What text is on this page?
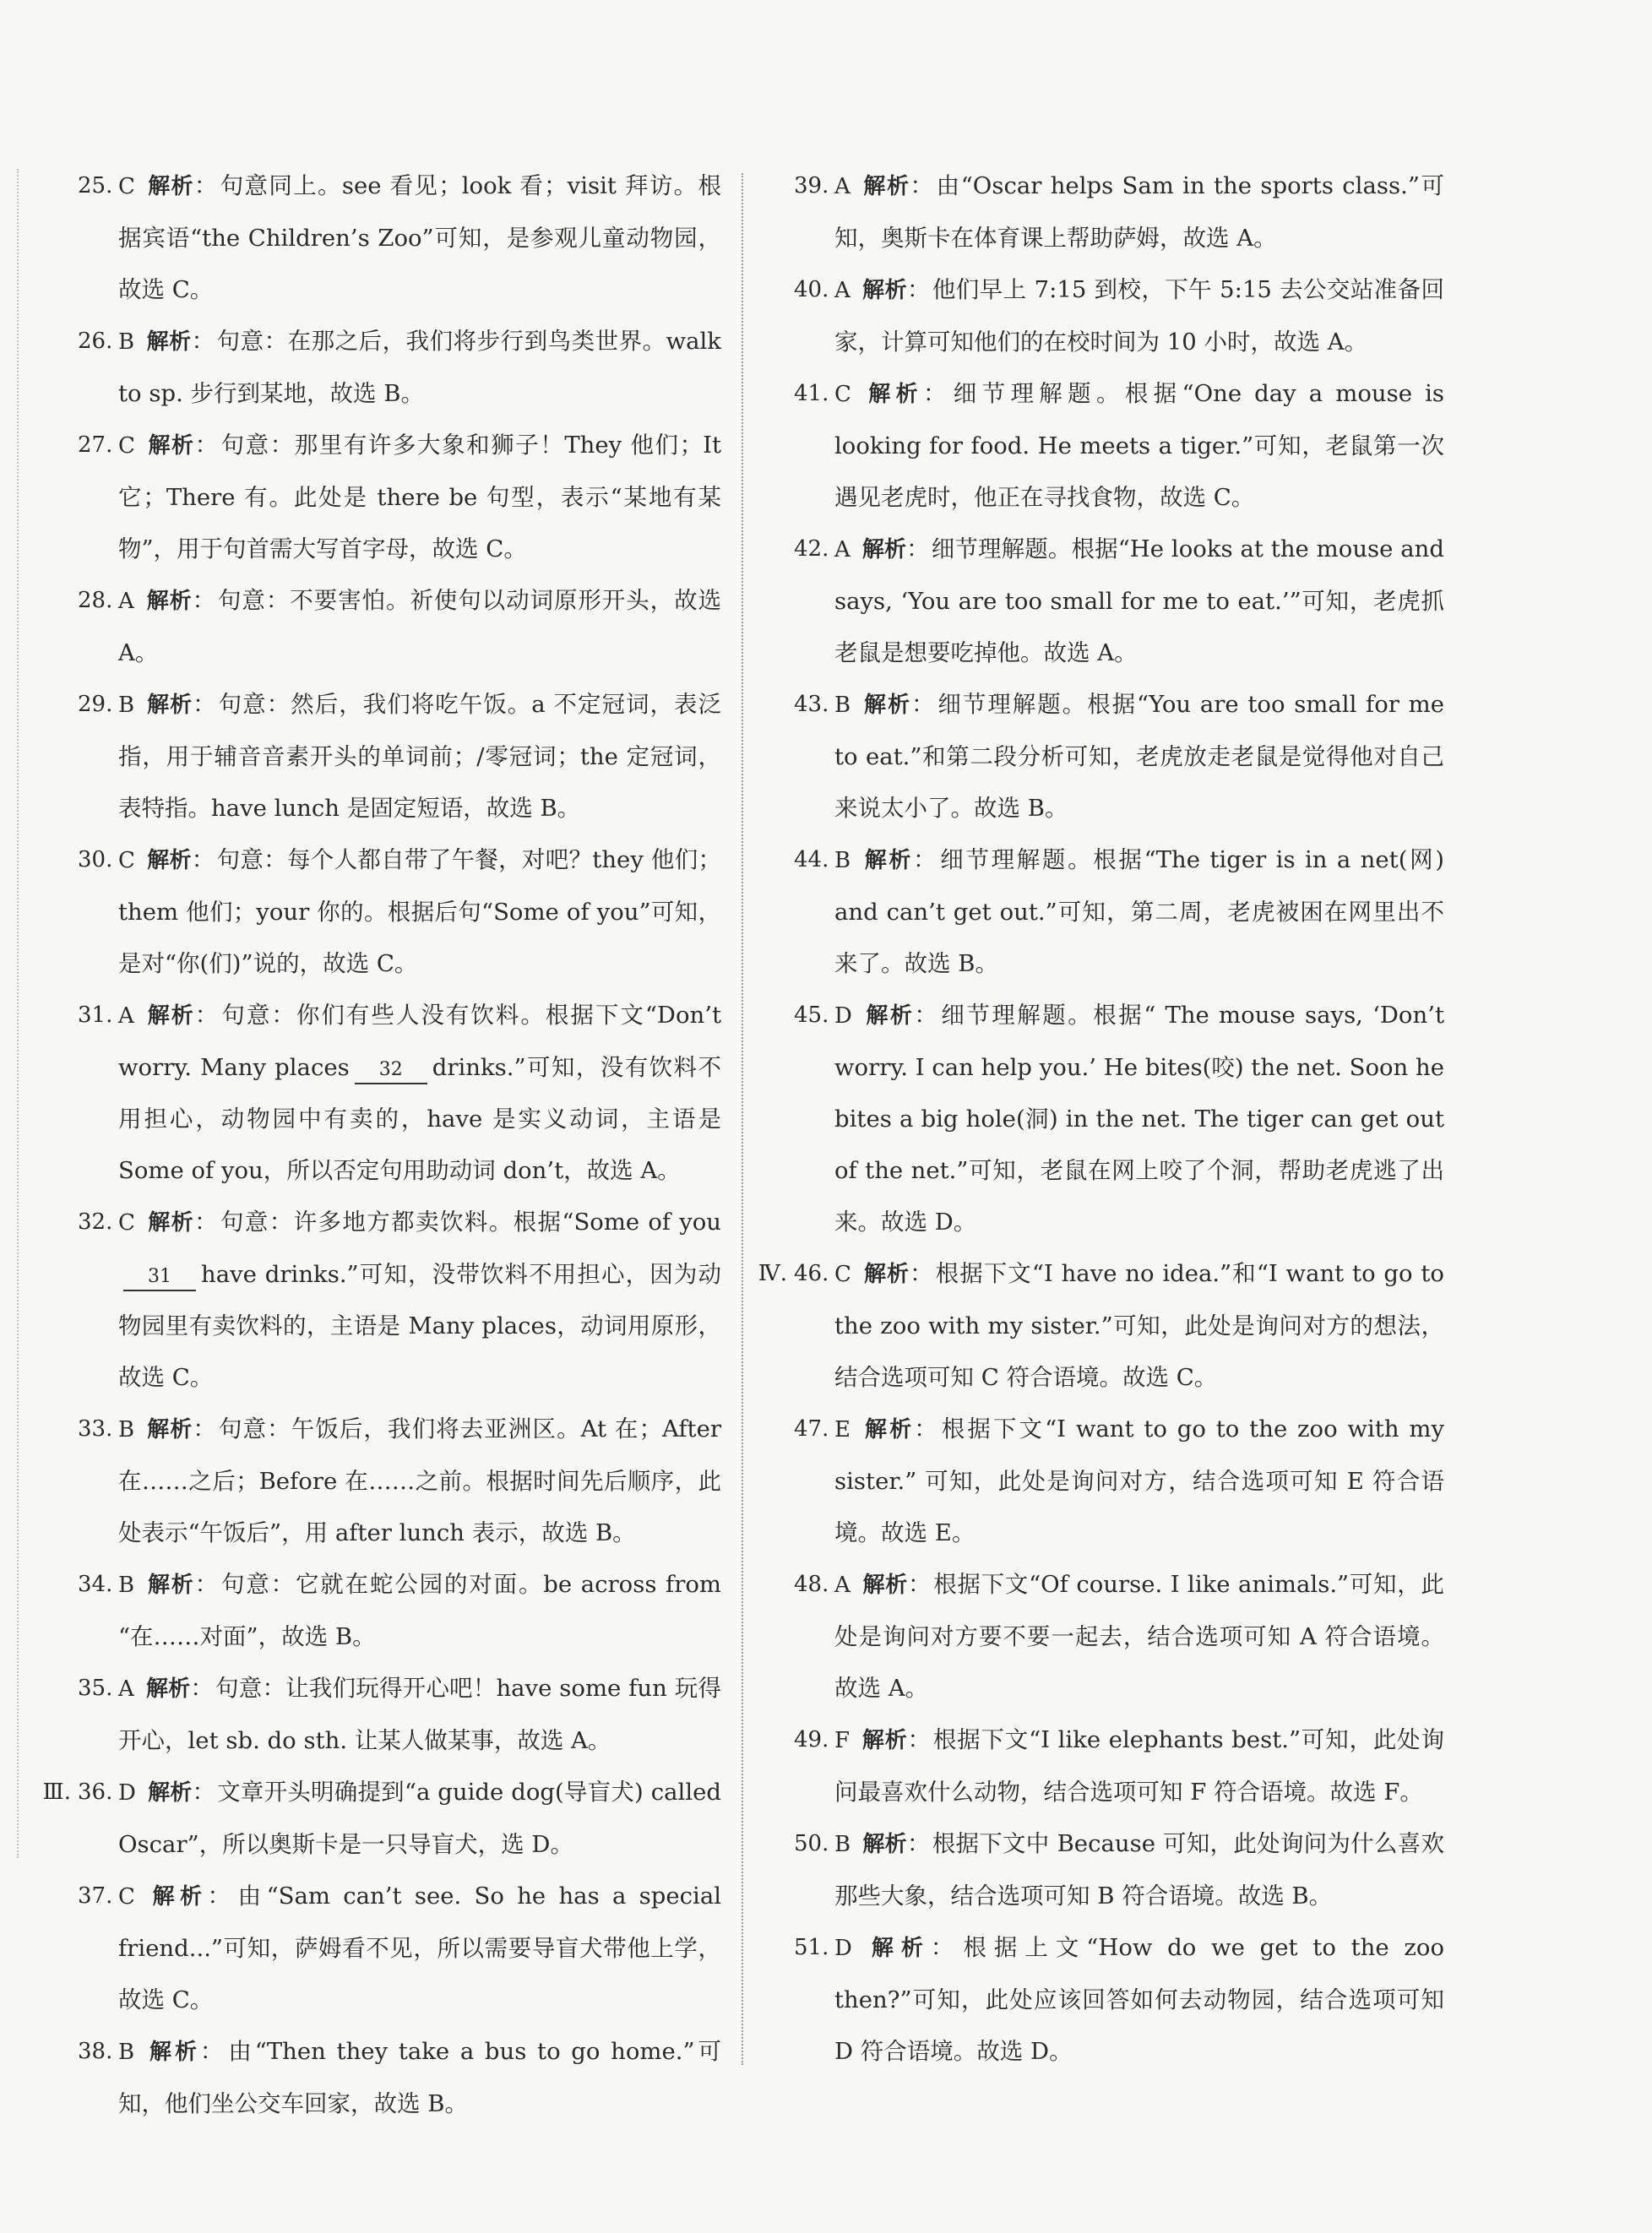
25. C 解析：句意同上。see 看见；look 看；visit 拜访。根据宾语“the Children’s Zoo”可知，是参观儿童动物园，故选 C。
26. B 解析：句意：在那之后，我们将步行到鸟类世界。walk to sp. 步行到某地，故选 B。
27. C 解析：句意：那里有许多大象和狮子！They 他们；It 它；There 有。此处是 there be 句型，表示“某地有某物”，用于句首需大写首字母，故选 C。
28. A 解析：句意：不要害怕。祈使句以动词原形开头，故选 A。
29. B 解析：句意：然后，我们将吃午饭。a 不定冠词，表泛指，用于辅音音素开头的单词前；/零冠词；the 定冠词，表特指。have lunch 是固定短语，故选 B。
30. C 解析：句意：每个人都自带了午餐，对吧？they 他们；them 他们；your 你的。根据后句“Some of you”可知，是对“你(们)”说的，故选 C。
31. A 解析：句意：你们有些人没有饮料。根据下文“Don’t worry. Many places 32 drinks.”可知，没有饮料不用担心，动物园中有卖的，have 是实义动词，主语是 Some of you，所以否定句用助动词 don’t，故选 A。
32. C 解析：句意：许多地方都卖饮料。根据“Some of you31 have drinks.”可知，没带饮料不用担心，因为动物园里有卖饮料的，主语是 Many places，动词用原形，故选 C。
33. B 解析：句意：午饭后，我们将去亚洲区。At 在；After 在……之后；Before 在……之前。根据时间先后顺序，此处表示“午饭后”，用 after lunch 表示，故选 B。
34. B 解析：句意：它就在蛇公园的对面。be across from “在……对面”，故选 B。
35. A 解析：句意：让我们玩得开心吧！have some fun 玩得开心，let sb. do sth. 让某人做某事，故选 A。
Ⅲ. 36. D 解析：文章开头明确提到“a guide dog(导盲犬) called Oscar”，所以奥斯卡是一只导盲犬，选 D。
37. C 解析：由“Sam can’t see. So he has a special friend...”可知，萨姆看不见，所以需要导盲犬带他上学，故选 C。
38. B 解析：由“Then they take a bus to go home.”可知，他们坐公交车回家，故选 B。
39. A 解析：由“Oscar helps Sam in the sports class.”可知，奥斯卡在体育课上帮助萨姆，故选 A。
40. A 解析：他们早上 7:15 到校，下午 5:15 去公交站准备回家，计算可知他们的在校时间为 10 小时，故选 A。
41. C 解析：细节理解题。根据“One day a mouse is looking for food. He meets a tiger.”可知，老鼠第一次遇见老虎时，他正在寻找食物，故选 C。
42. A 解析：细节理解题。根据“He looks at the mouse and says, ‘You are too small for me to eat.’”可知，老虎抓老鼠是想要吃掉他。故选 A。
43. B 解析：细节理解题。根据“You are too small for me to eat.”和第二段分析可知，老虎放走老鼠是觉得他对自己来说太小了。故选 B。
44. B 解析：细节理解题。根据“The tiger is in a net(网) and can’t get out.”可知，第二周，老虎被困在网里出不来了。故选 B。
45. D 解析：细节理解题。根据“ The mouse says, ‘Don’t worry. I can help you.’ He bites(咬) the net. Soon he bites a big hole(洞) in the net. The tiger can get out of the net.”可知，老鼠在网上咬了个洞，帮助老虎逃了出来。故选 D。
Ⅳ. 46. C 解析：根据下文“I have no idea.”和“I want to go to the zoo with my sister.”可知，此处是询问对方的想法，结合选项可知 C 符合语境。故选 C。
47. E 解析：根据下文“I want to go to the zoo with my sister.” 可知，此处是询问对方，结合选项可知 E 符合语境。故选 E。
48. A 解析：根据下文“Of course. I like animals.”可知，此处是询问对方要不要一起去，结合选项可知 A 符合语境。故选 A。
49. F 解析：根据下文“I like elephants best.”可知，此处询问最喜欢什么动物，结合选项可知 F 符合语境。故选 F。
50. B 解析：根据下文中 Because 可知，此处询问为什么喜欢那些大象，结合选项可知 B 符合语境。故选 B。
51. D 解析：根据上文“How do we get to the zoo then?”可知，此处应该回答如何去动物园，结合选项可知 D 符合语境。故选 D。
